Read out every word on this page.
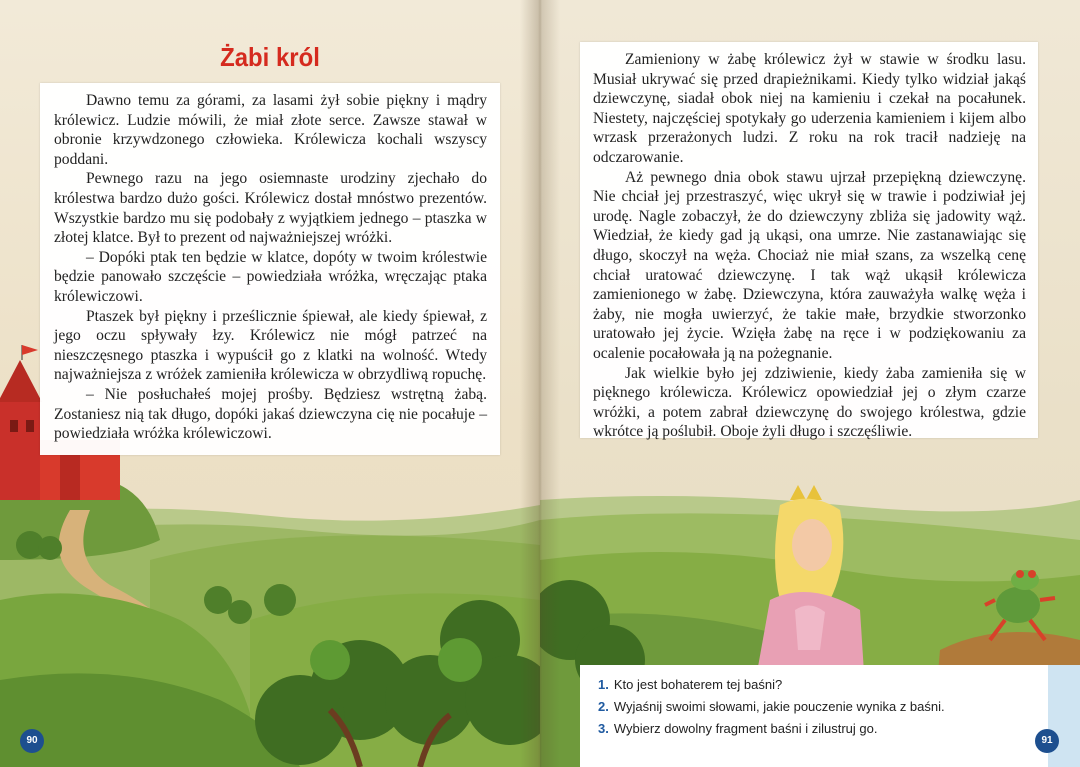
Żabi król

Dawno temu za górami, za lasami żył sobie piękny i mądry królewicz. Ludzie mówili, że miał złote serce. Zawsze stawał w obronie krzywdzonego człowieka. Królewicza kochali wszyscy poddani.

Pewnego razu na jego osiemnaste urodziny zjechało do królestwa bardzo dużo gości. Królewicz dostał mnóstwo prezentów. Wszystkie bardzo mu się podobały z wyjątkiem jednego – ptaszka w złotej klatce. Był to prezent od najważniejszej wróżki.

– Dopóki ptak ten będzie w klatce, dopóty w twoim królestwie będzie panowało szczęście – powiedziała wróżka, wręczając ptaka królewiczowi.

Ptaszek był piękny i prześlicznie śpiewał, ale kiedy śpiewał, z jego oczu spływały łzy. Królewicz nie mógł patrzeć na nieszczęsnego ptaszka i wypuścił go z klatki na wolność. Wtedy najważniejsza z wróżek zamieniła królewicza w obrzydliwą ropuchę.

– Nie posłuchałeś mojej prośby. Będziesz wstrętną żabą. Zostaniesz nią tak długo, dopóki jakaś dziewczyna cię nie pocałuje – powiedziała wróżka królewiczowi.

90

Zamieniony w żabę królewicz żył w stawie w środku lasu. Musiał ukrywać się przed drapieżnikami. Kiedy tylko widział jakąś dziewczynę, siadał obok niej na kamieniu i czekał na pocałunek. Niestety, najczęściej spotykały go uderzenia kamieniem i kijem albo wrzask przerażonych ludzi. Z roku na rok tracił nadzieję na odczarowanie.

Aż pewnego dnia obok stawu ujrzał przepiękną dziewczynę. Nie chciał jej przestraszyć, więc ukrył się w trawie i podziwiał jej urodę. Nagle zobaczył, że do dziewczyny zbliża się jadowity wąż. Wiedział, że kiedy gad ją ukąsi, ona umrze. Nie zastanawiając się długo, skoczył na węża. Chociaż nie miał szans, za wszelką cenę chciał uratować dziewczynę. I tak wąż ukąsił królewicza zamienionego w żabę. Dziewczyna, która zauważyła walkę węża i żaby, nie mogła uwierzyć, że takie małe, brzydkie stworzonko uratowało jej życie. Wzięła żabę na ręce i w podziękowaniu za ocalenie pocałowała ją na pożegnanie.

Jak wielkie było jej zdziwienie, kiedy żaba zamieniła się w pięknego królewicza. Królewicz opowiedział jej o złym czarze wróżki, a potem zabrał dziewczynę do swojego królestwa, gdzie wkrótce ją poślubił. Oboje żyli długo i szczęśliwie.

1. Kto jest bohaterem tej baśni?
2. Wyjaśnij swoimi słowami, jakie pouczenie wynika z baśni.
3. Wybierz dowolny fragment baśni i zilustruj go.
91
